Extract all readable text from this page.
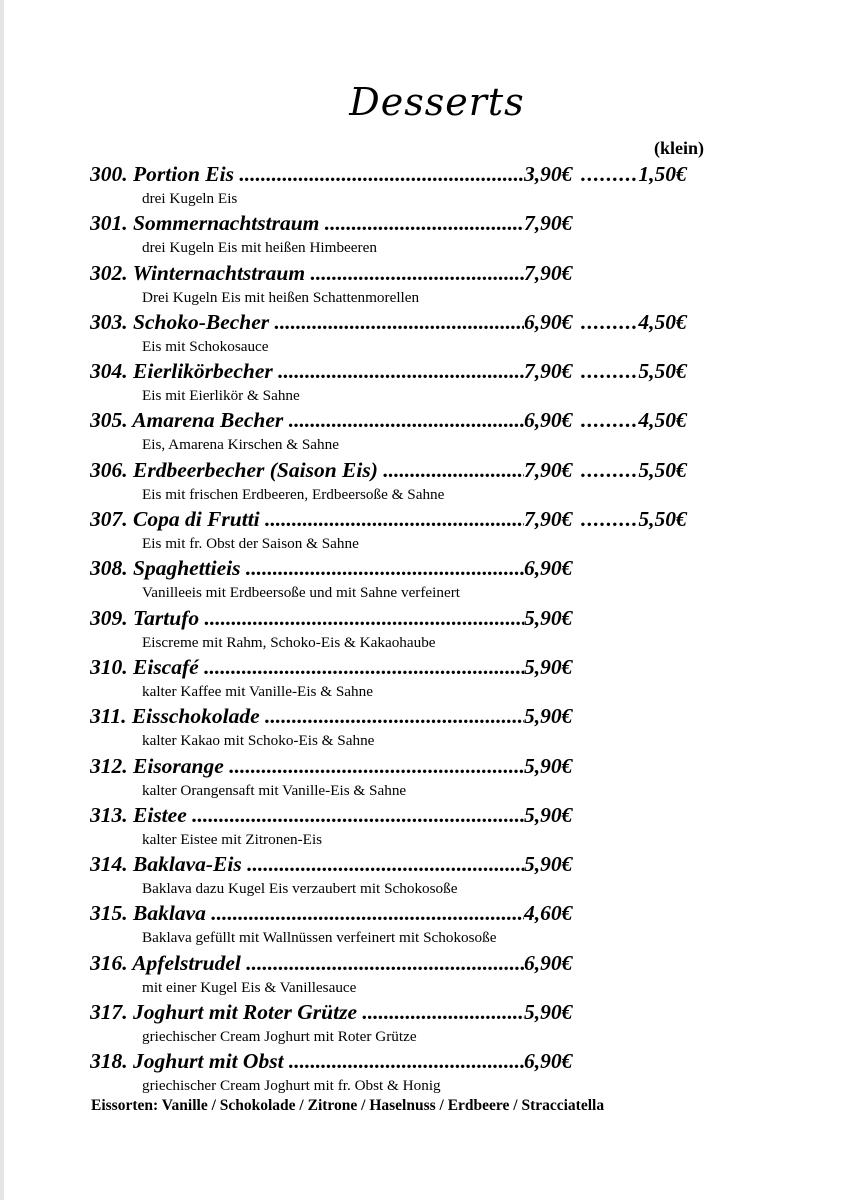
Desserts
(klein)
300. Portion Eis .....	3,90€ .........1,50€
drei Kugeln Eis
301. Sommernachtstraum .....	7,90€
drei Kugeln Eis mit heißen Himbeeren
302. Winternachtstraum .....	7,90€
Drei Kugeln Eis mit heißen Schattenmorellen
303. Schoko-Becher .....	6,90€ .........4,50€
Eis mit Schokosauce
304. Eierlikörbecher .....	7,90€ .........5,50€
Eis mit Eierlikör & Sahne
305. Amarena Becher .....	6,90€ .........4,50€
Eis, Amarena Kirschen & Sahne
306. Erdbeerbecher (Saison Eis) .....	7,90€ .........5,50€
Eis mit frischen Erdbeeren, Erdbeersoße & Sahne
307. Copa di Frutti .....	7,90€ .........5,50€
Eis mit fr. Obst der Saison & Sahne
308. Spaghettieis .....	6,90€
Vanilleeis mit Erdbeersoße und mit Sahne verfeinert
309. Tartufo .....	5,90€
Eiscreme mit Rahm, Schoko-Eis & Kakaohaube
310. Eiscafé .....	5,90€
kalter Kaffee mit Vanille-Eis & Sahne
311. Eisschokolade .....	5,90€
kalter Kakao mit Schoko-Eis & Sahne
312. Eisorange .....	5,90€
kalter Orangensaft mit Vanille-Eis & Sahne
313. Eistee .....	5,90€
kalter Eistee mit Zitronen-Eis
314. Baklava-Eis .....	5,90€
Baklava dazu Kugel Eis verzaubert mit Schokosoße
315. Baklava .....	4,60€
Baklava gefüllt mit Wallnüssen verfeinert mit Schokosoße
316. Apfelstrudel .....	6,90€
mit einer Kugel Eis & Vanillesauce
317. Joghurt mit Roter Grütze .....	5,90€
griechischer Cream Joghurt mit Roter Grütze
318. Joghurt mit Obst .....	6,90€
griechischer Cream Joghurt mit fr. Obst & Honig
Eissorten: Vanille / Schokolade / Zitrone / Haselnuss / Erdbeere / Stracciatella
